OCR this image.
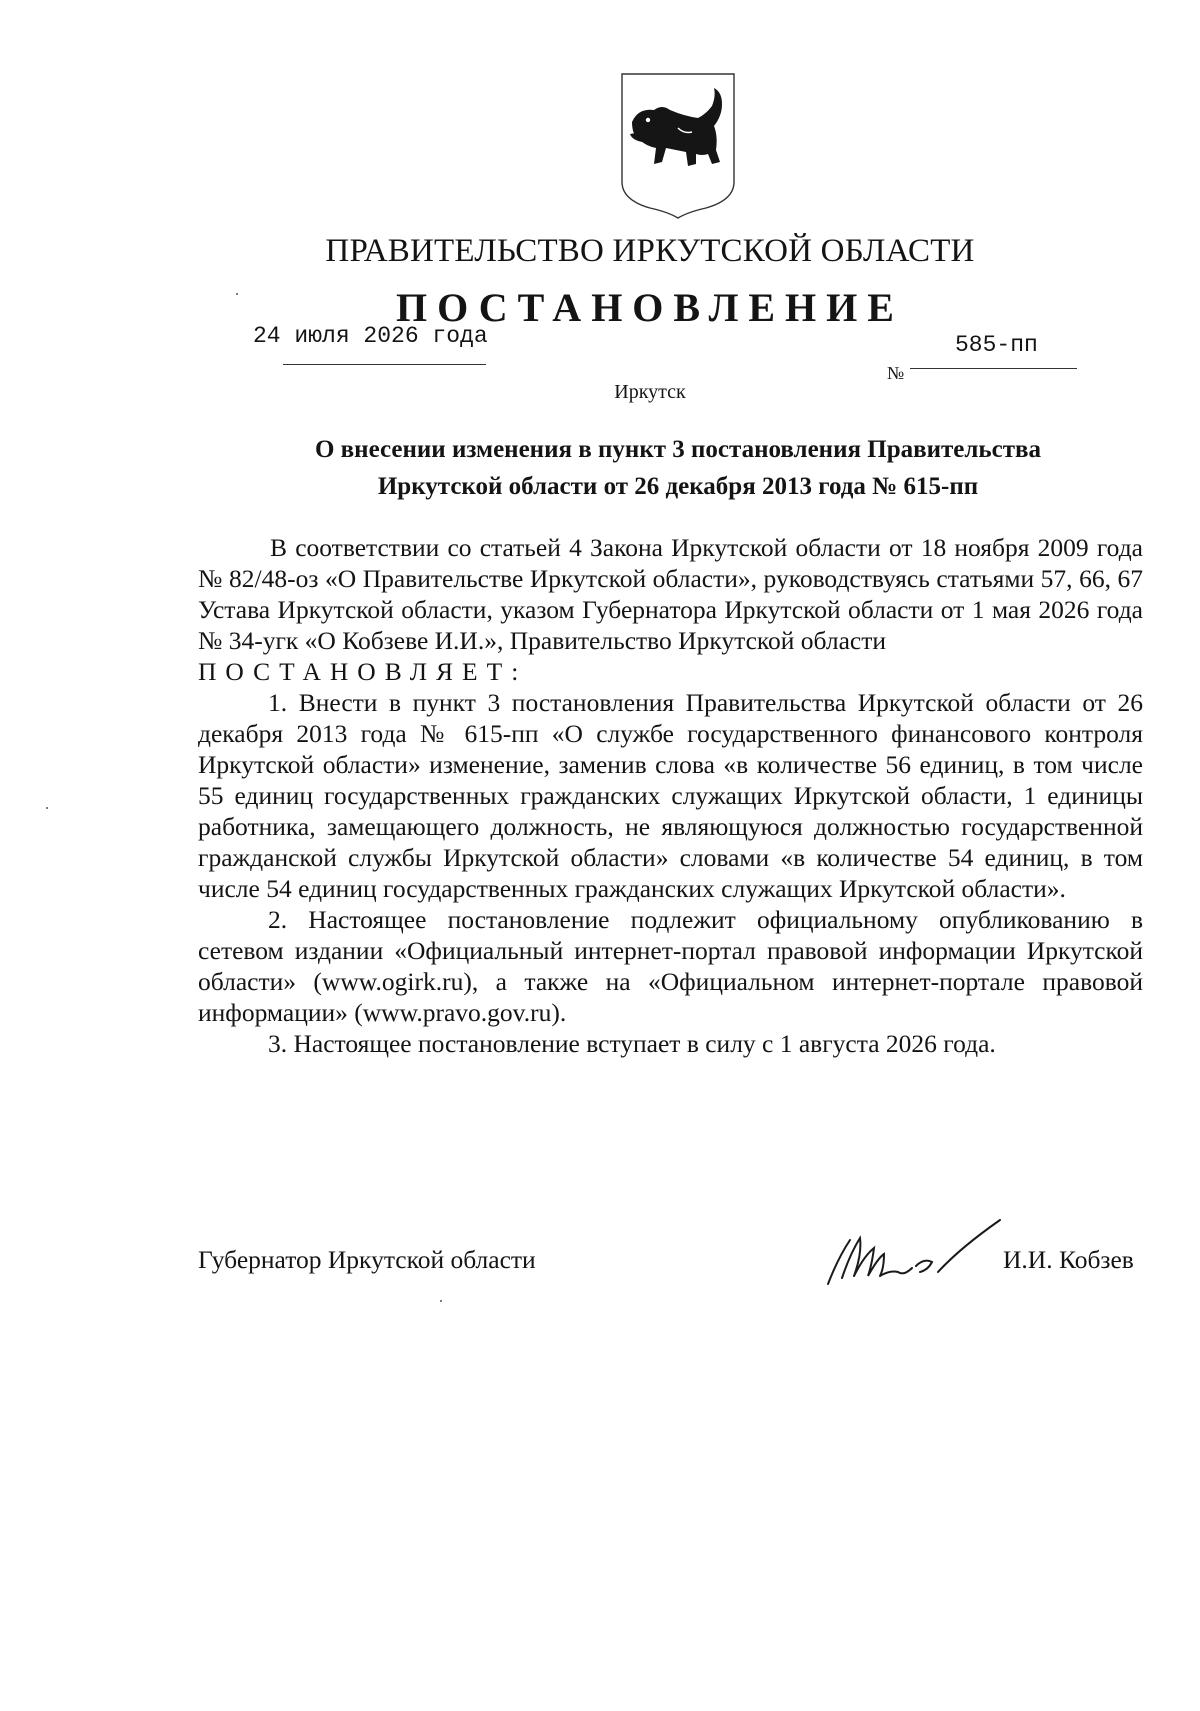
ПРАВИТЕЛЬСТВО ИРКУТСКОЙ ОБЛАСТИ
ПОСТАНОВЛЕНИЕ
24 июля 2026 года
№
585-пп
Иркутск
О внесении изменения в пункт 3 постановления Правительства
Иркутской области от 26 декабря 2013 года № 615-пп

В соответствии со статьей 4 Закона Иркутской области от 18 ноября 2009 года № 82/48-оз «О Правительстве Иркутской области», руководствуясь статьями 57, 66, 67 Устава Иркутской области, указом Губернатора Иркутской области от 1 мая 2026 года № 34-угк «О Кобзеве И.И.», Правительство Иркутской области

ПОСТАНОВЛЯЕТ:

1. Внести в пункт 3 постановления Правительства Иркутской области от 26 декабря 2013 года № 615-пп «О службе государственного финансового контроля Иркутской области» изменение, заменив слова «в количестве 56 единиц, в том числе 55 единиц государственных гражданских служащих Иркутской области, 1 единицы работника, замещающего должность, не являющуюся должностью государственной гражданской службы Иркутской области» словами «в количестве 54 единиц, в том числе 54 единиц государственных гражданских служащих Иркутской области».

2. Настоящее постановление подлежит официальному опубликованию в сетевом издании «Официальный интернет-портал правовой информации Иркутской области» (www.ogirk.ru), а также на «Официальном интернет-портале правовой информации» (www.pravo.gov.ru).

3. Настоящее постановление вступает в силу с 1 августа 2026 года.

Губернатор Иркутской области	И.И. Кобзев
